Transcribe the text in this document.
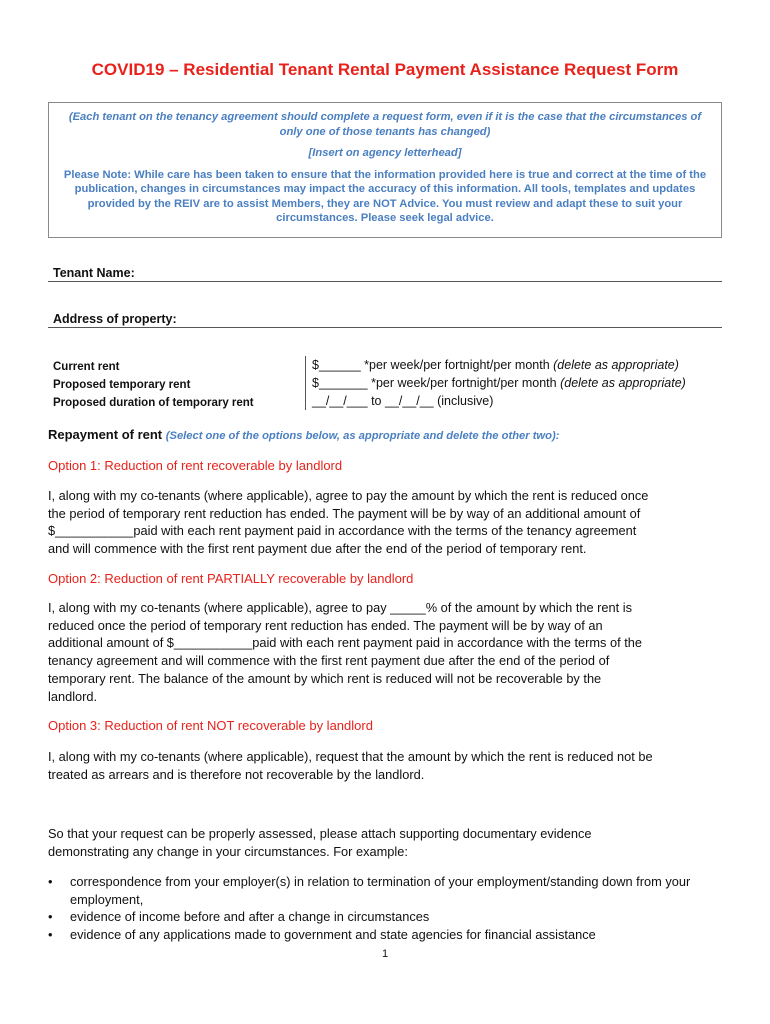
COVID19 – Residential Tenant Rental Payment Assistance Request Form

(Each tenant on the tenancy agreement should complete a request form, even if it is the case that the circumstances of only one of those tenants has changed)

[Insert on agency letterhead]

Please Note: While care has been taken to ensure that the information provided here is true and correct at the time of the publication, changes in circumstances may impact the accuracy of this information. All tools, templates and updates provided by the REIV are to assist Members, they are NOT Advice. You must review and adapt these to suit your circumstances. Please seek legal advice.

Tenant Name:
Address of property:
Current rent
Proposed temporary rent
Proposed duration of temporary rent
$______ *per week/per fortnight/per month (delete as appropriate)
$_______ *per week/per fortnight/per month (delete as appropriate)
__/__/___ to __/__/__ (inclusive)
Repayment of rent (Select one of the options below, as appropriate and delete the other two):
Option 1: Reduction of rent recoverable by landlord
I, along with my co-tenants (where applicable), agree to pay the amount by which the rent is reduced once
the period of temporary rent reduction has ended. The payment will be by way of an additional amount of
$___________paid with each rent payment paid in accordance with the terms of the tenancy agreement
and will commence with the first rent payment due after the end of the period of temporary rent.
Option 2: Reduction of rent PARTIALLY recoverable by landlord
I, along with my co-tenants (where applicable), agree to pay _____% of the amount by which the rent is
reduced once the period of temporary rent reduction has ended. The payment will be by way of an
additional amount of $___________paid with each rent payment paid in accordance with the terms of the
tenancy agreement and will commence with the first rent payment due after the end of the period of
temporary rent. The balance of the amount by which rent is reduced will not be recoverable by the
landlord.
Option 3: Reduction of rent NOT recoverable by landlord
I, along with my co-tenants (where applicable), request that the amount by which the rent is reduced not be
treated as arrears and is therefore not recoverable by the landlord.
So that your request can be properly assessed, please attach supporting documentary evidence
demonstrating any change in your circumstances. For example:
• correspondence from your employer(s) in relation to termination of your employment/standing down from your employment,
• evidence of income before and after a change in circumstances
• evidence of any applications made to government and state agencies for financial assistance
1
